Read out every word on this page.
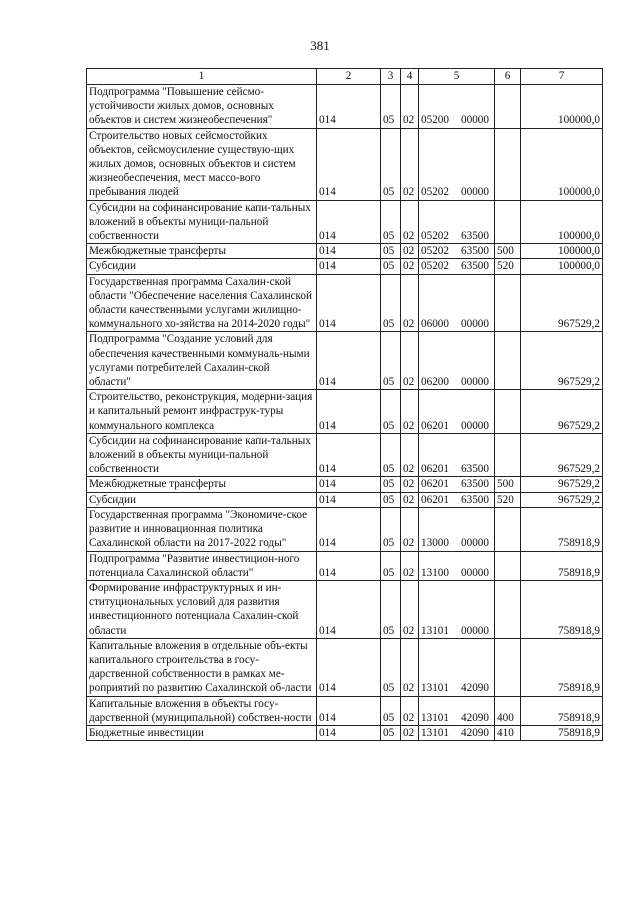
381
1	2	3	4	5	6	7
Подпрограмма "Повышение сейсмо-устойчивости жилых домов, основных объектов и систем жизнеобеспечения"	014	05	02	05200 00000		100000,0
Строительство новых сейсмостойких объектов, сейсмоусиление существую-щих жилых домов, основных объектов и систем жизнеобеспечения, мест массо-вого пребывания людей	014	05	02	05202 00000		100000,0
Субсидии на софинансирование капи-тальных вложений в объекты муници-пальной собственности	014	05	02	05202 63500		100000,0
Межбюджетные трансферты	014	05	02	05202 63500	500	100000,0
Субсидии	014	05	02	05202 63500	520	100000,0
Государственная программа Сахалин-ской области "Обеспечение населения Сахалинской области качественными услугами жилищно-коммунального хо-зяйства на 2014-2020 годы"	014	05	02	06000 00000		967529,2
Подпрограмма "Создание условий для обеспечения качественными коммуналь-ными услугами потребителей Сахалин-ской области"	014	05	02	06200 00000		967529,2
Строительство, реконструкция, модерни-зация и капитальный ремонт инфраструк-туры коммунального комплекса	014	05	02	06201 00000		967529,2
Субсидии на софинансирование капи-тальных вложений в объекты муници-пальной собственности	014	05	02	06201 63500		967529,2
Межбюджетные трансферты	014	05	02	06201 63500	500	967529,2
Субсидии	014	05	02	06201 63500	520	967529,2
Государственная программа "Экономиче-ское развитие и инновационная политика Сахалинской области на 2017-2022 годы"	014	05	02	13000 00000		758918,9
Подпрограмма "Развитие инвестицион-ного потенциала Сахалинской области"	014	05	02	13100 00000		758918,9
Формирование инфраструктурных и ин-ституциональных условий для развития инвестиционного потенциала Сахалин-ской области	014	05	02	13101 00000		758918,9
Капитальные вложения в отдельные объ-екты капитального строительства в госу-дарственной собственности в рамках ме-роприятий по развитию Сахалинской об-ласти	014	05	02	13101 42090		758918,9
Капитальные вложения в объекты госу-дарственной (муниципальной) собствен-ности	014	05	02	13101 42090	400	758918,9
Бюджетные инвестиции	014	05	02	13101 42090	410	758918,9
